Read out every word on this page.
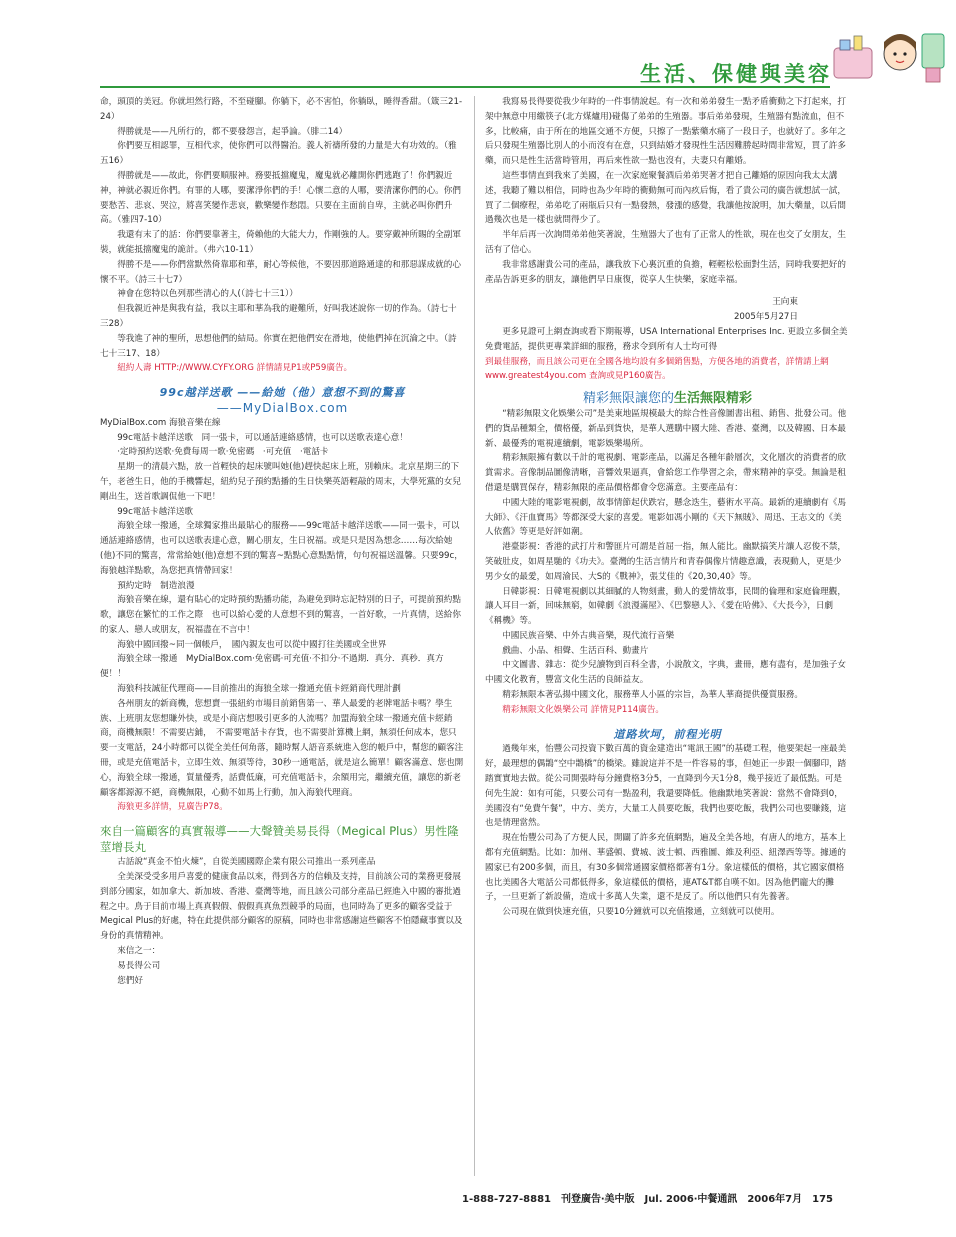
生活、保健與美容

命，頭頂的美冠。你就坦然行路，不至碰腳。你躺下，必不害怕，你躺臥，睡得香甜。（箴三21-24）

得勝就是——凡所行的，都不要發怨言，起爭論。（腓二14）

你們要互相認罪，互相代求，使你們可以得醫治。義人祈禱所發的力量是大有功效的。（雅五16）

得勝就是——故此，你們要順服神。務要抵擋魔鬼，魔鬼就必離開你們逃跑了！你們親近神，神就必親近你們。有罪的人哪，要潔淨你們的手！心懷二意的人哪，要清潔你們的心。你們要愁苦、悲哀、哭泣，將喜笑變作悲哀，歡樂變作愁悶。只要在主面前自卑，主就必叫你們升高。（雅四7-10）

我還有末了的話：你們要靠著主，倚賴他的大能大力，作剛強的人。要穿戴神所賜的全副軍裝，就能抵擋魔鬼的詭計。（弗六10-11）

得勝不是——你們當默然倚靠耶和華，耐心等候他，不要因那道路通達的和那惡謀成就的心懷不平。（詩三十七7）

神會在您特以色列那些清心的人(（詩七十三1））

但我親近神是與我有益，我以主耶和華為我的避難所，好叫我述說你一切的作為。（詩七十三28）

等我進了神的聖所，思想他們的結局。你實在把他們安在滑地，使他們掉在沉淪之中。（詩七十三17、18）

紐約人壽 HTTP://WWW.CYFY.ORG 詳情請見P1或P59廣告。

99c越洋送歌 ——給她（他）意想不到的驚喜

——MyDialBox.com

MyDialBox.com 海狼音樂在線

99c電話卡越洋送歌　同一張卡，可以通話連絡感情，也可以送歌表達心意！

‧定時預約送歌‧免費每周一歌‧免密碼　‧可充值　‧電話卡

星期一的清晨六點，放一首輕快的起床號叫她(他)趕快起床上班，別賴床。北京星期三的下午，老爸生日，他的手機響起，紐約兒子預約點播的生日快樂英語輕敲的周末，大學死黨的女兒剛出生，送首歌調侃他一下吧！

99c電話卡越洋送歌

海狼全球一撥通，全球獨家推出最貼心的服務——99c電話卡越洋送歌——同一張卡，可以通話連絡感情，也可以送歌表達心意，關心朋友，生日祝福。或是只是因為想念……每次給她(他)不同的驚喜，常常給她(他)意想不到的驚喜~點點心意點點情，句句祝福送溫馨。只要99c，海狼越洋點歌，為您把真情帶回家！

預約定時　制造浪漫

海狼音樂在線，還有貼心的定時預約點播功能，為避免到時忘記特別的日子，可提前預約點歌，讓您在繁忙的工作之際　也可以給心愛的人意想不到的驚喜，一首好歌，一片真情，送給你的家人、戀人或朋友，祝福盡在不言中！

海狼中國回撥~同一個帳戶，　國內親友也可以從中國打往美國或全世界

海狼全球一撥通　MyDialBox.com‧免密碼‧可充值‧不扣分‧不過期．真分．真秒．真方便！！

海狼科技誠征代理商——目前推出的海狼全球一撥通充值卡經銷商代理計劃

各州朋友的新商機，您想賣一張紐約市場目前銷售第一、華人最愛的老牌電話卡嗎？學生族、上班朋友您想賺外快，或是小商店想吸引更多的人流嗎？加盟海狼全球一撥通充值卡經銷商，商機無限！不需要店鋪，　不需要電話卡存貨，也不需要計算機上網，無須任何成本，您只要一支電話，24小時都可以從全美任何角落，隨時幫人語音系統進入您的帳戶中，幫您的顧客注冊，或是充值電話卡，立即生效、無須等待，30秒一通電話，就是這么簡單！顧客滿意、您也開心，海狼全球一撥通，質量優秀，話費低廉，可充值電話卡，余額用完，繼續充值，讓您的新老顧客都源源不絕，商機無限，心動不如馬上行動，加入海狼代理商。

海狼更多詳情，見廣告P78。

來自一篇顧客的真實報導——大聲贊美易長得（Megical Plus）男性隆莖增長丸

古話說“真金不怕火煉”，自從美國國際企業有限公司推出一系列產品

全美深受受多用戶喜愛的健康食品以來，得到各方的信賴及支持，目前該公司的業務更發展到部分國家，如加拿大、新加坡、香港、臺灣等地，而且該公司部分產品已經進入中國的審批過程之中。鳥于目前市場上真真假假、假假真真魚烈競爭的局面，也同時為了更多的顧客受益于Megical Plus的好處，特在此提供部分顧客的原稿，同時也非常感謝這些顧客不怕隱藏事實以及身份的真情精神。

來信之一：

易長得公司

您們好

我寫易長得要從我少年時的一件事情說起。有一次和弟弟發生一點矛盾衝動之下打起來，打架中無意中用繳筷子(北方煤爐用)碰傷了弟弟的生殖器。事后弟弟發現，生殖器有點流血，但不多，比較痛，由于所在的地區交通不方便，只擦了一點紫藥水痛了一段日子，也就好了。多年之后只發現生殖器比別人的小而沒有在意，只到結婚才發現性生活因難勝起時間非常短，買了許多藥，而只是性生活當時管用，再后來性欲一點也沒有，夫妻只有離婚。

這些事情直到我來了美國，在一次家庭聚餐酒后弟弟哭著才把自己離婚的原因向我太太講述，我聽了難以相信，同時也為少年時的衝動無可而內疚后悔，看了貴公司的廣告就想試一試，買了二個療程，弟弟吃了兩瓶后只有一點發熱，發漲的感覺，我讓他按說明，加大藥量，以后間過幾次也是一樣也就問得少了。

半年后再一次詢問弟弟他笑著說，生殖器大了也有了正常人的性欲，現在也交了女朋友，生活有了信心。

我非常感謝貴公司的產品，讓我放下心裏沉重的負擔，輕輕松松面對生活，同時我要把好的產品告訴更多的朋友，讓他們早日康復，從享人生快樂，家庭幸福。

王向東

2005年5月27日

更多見證可上網查詢或看下期報導，USA International Enterprises Inc. 更設立多個全美免費電話，提供更專業詳細的服務，務求令到所有人士均可得

到最佳服務，而且該公司更在全國各地均設有多個銷售點，方便各地的消費者，詳情請上網 www.greatest4you.com 查詢或見P160廣告。

精彩無限讓您的生活無限精彩

“精彩無限文化娛樂公司”是美東地區規模最大的綜合性音像圖書出租、銷售、批發公司。他們的貨品種類全，價格優，新品到貨快，是華人選購中國大陸、香港、臺灣，以及韓國、日本最新、最優秀的電視連續劇，電影娛樂場所。

精彩無限擁有數以千計的電視劇、電影產品，以滿足各種年齡層次，文化層次的消費者的欣賞需求。音像制品圖像清晰，音響效果逼真，會給您工作學習之余，帶來精神的享受。無論是租借還是購買保存，精彩無限的產品價格都會令您滿意。主要產品有：

中國大陸的電影電視劇，故事情節起伏跌宕，懸念迭生，藝術水平高。最新的連續劇有《馬大師》、《汗血寶馬》等都深受大家的喜愛。電影如馮小剛的《天下無賊》、周迅、王志文的《美人依舊》等更是好評如潮。

港臺影視：香港的武打片和警匪片可謂是首屈一指，無人能比。幽默搞笑片讓人忍俊不禁，笑破肚皮，如周星馳的《功夫》。臺灣的生活言情片和青春偶像片情趣意識，表現動人，更是少男少女的最愛，如周渝民、大S的《戰神》，張艾佳的《20,30,40》等。

日韓影視：日韓電視劇以其細膩的人物刻畫，動人的愛情故事，民間的倫理和家庭倫理觀，讓人耳目一新，回味無窮，如韓劇《浪漫滿屋》、《巴黎戀人》、《愛在哈佛》、《大長今》，日劇《稱機》等。

中國民族音樂、中外古典音樂，現代流行音樂

戲曲、小品、相聲、生活百科、動畫片

中文圖書、雜志：從少兒讀物到百科全書，小說散文，字典，畫冊，應有盡有，是加強子女中國文化教育，豐富文化生活的良師益友。

精彩無限本著弘揚中國文化，服務華人小區的宗旨，為華人華裔提供優質服務。

精彩無限文化娛樂公司 詳情見P114廣告。

道路坎坷，前程光明

過幾年來，怡豐公司投資下數百萬的資金建造出“電訊王國”的基礎工程，他要架起一座最美好，最理想的偶鵲“空中鵲橋”的橋梁。雖說這并不是一件容易的事，但她正一步跟一個腳印，踏踏實實地去做。從公司開張時每分鐘費格3分5，一直降到今天1分8，幾乎接近了最低點。可是何先生說：如有可能，只要公司有一點盈利，我還要降低。他幽默地笑著說：當然不會降到0，美國沒有“免費午餐”，中方、美方，大量工人員要吃飯，我們也要吃飯，我們公司也要賺錢，這也是情理當然。

現在怡豐公司為了方便人民，開闢了許多充值網點，遍及全美各地，有唐人的地方，基本上都有充值網點。比如：加州、華盛頓、費城、波士頓、西雅圖、維及利亞、紐澤西等等。據通的國家已有200多個，而且，有30多個常通國家價格都著有1分。象這樣低的價格，其它國家價格也比美國各大電話公司都低得多，象這樣低的價格，連AT&T都自嘆不如。因為他們龐大的攤子，一旦更新了新設備，造成十多萬人失業，還不是反了。所以他們只有先養著。

公司現在做到快速充值，只要10分鐘就可以充值撥通，立刻就可以使用。

1-888-727-8881　刊登廣告‧美中版　Jul. 2006‧中餐通訊　2006年7月　175
